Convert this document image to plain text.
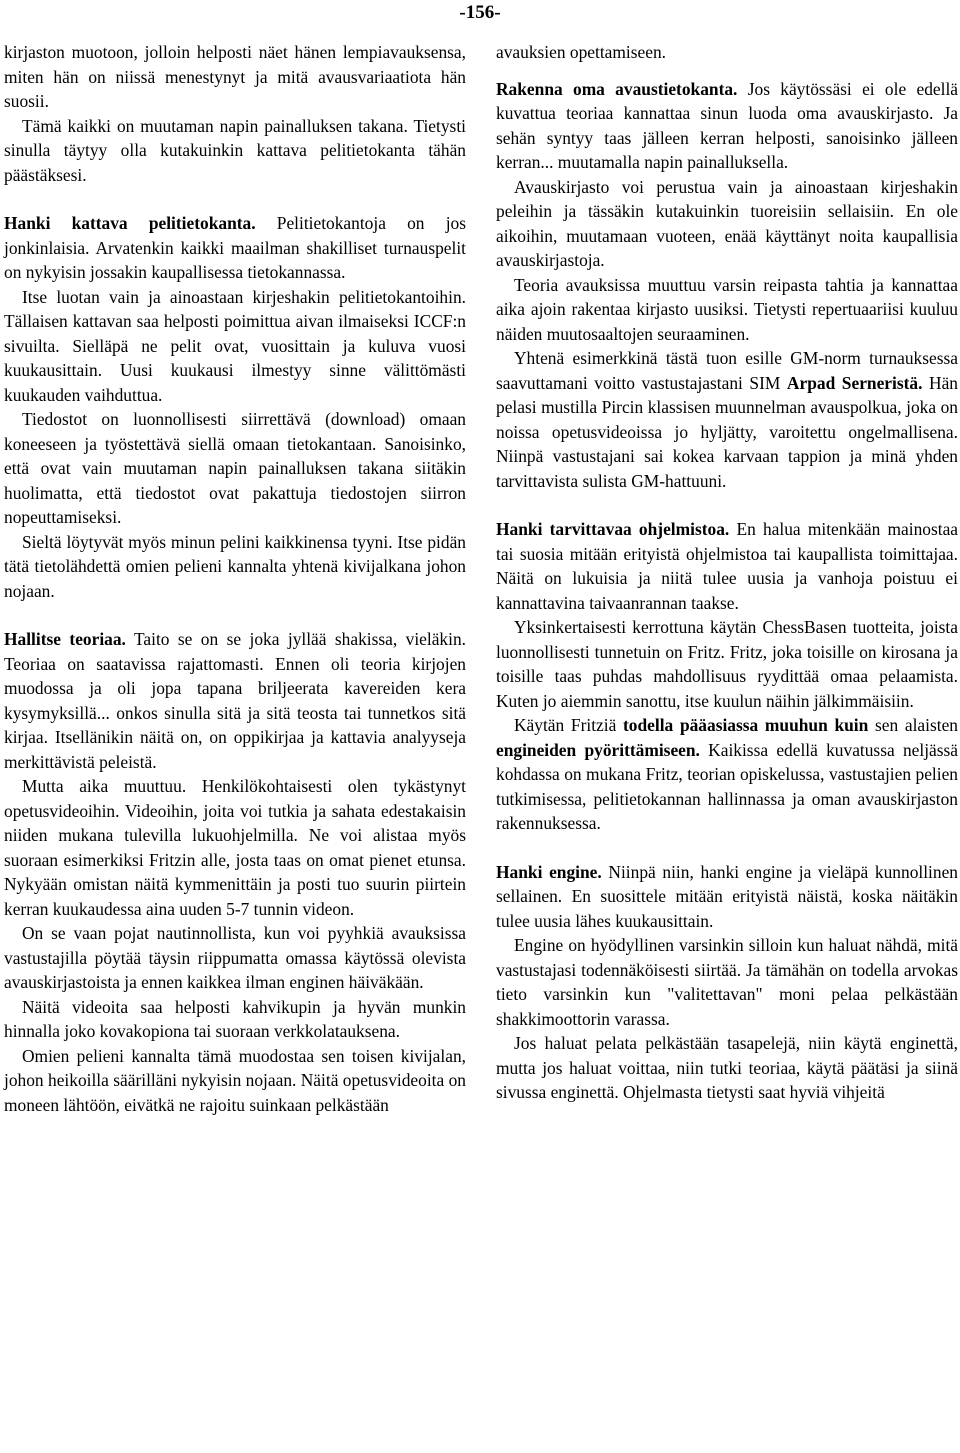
-156-

kirjaston muotoon, jolloin helposti näet hänen lempiavauksensa, miten hän on niissä menestynyt ja mitä avausvariaatiota hän suosii.

Tämä kaikki on muutaman napin painalluksen takana. Tietysti sinulla täytyy olla kutakuinkin kattava pelitietokanta tähän päästäksesi.

Hanki kattava pelitietokanta. Pelitietokantoja on jos jonkinlaisia. Arvatenkin kaikki maailman shakilliset turnauspelit on nykyisin jossakin kaupallisessa tietokannassa.

Itse luotan vain ja ainoastaan kirjeshakin pelitietokantoihin. Tällaisen kattavan saa helposti poimittua aivan ilmaiseksi ICCF:n sivuilta. Sielläpä ne pelit ovat, vuosittain ja kuluva vuosi kuukausittain. Uusi kuukausi ilmestyy sinne välittömästi kuukauden vaihduttua.

Tiedostot on luonnollisesti siirrettävä (download) omaan koneeseen ja työstettävä siellä omaan tietokantaan. Sanoisinko, että ovat vain muutaman napin painalluksen takana siitäkin huolimatta, että tiedostot ovat pakattuja tiedostojen siirron nopeuttamiseksi.

Sieltä löytyvät myös minun pelini kaikkinensa tyyni. Itse pidän tätä tietolähdettä omien pelieni kannalta yhtenä kivijalkana johon nojaan.

Hallitse teoriaa. Taito se on se joka jyllää shakissa, vieläkin. Teoriaa on saatavissa rajattomasti. Ennen oli teoria kirjojen muodossa ja oli jopa tapana briljeerata kavereiden kera kysymyksillä... onkos sinulla sitä ja sitä teosta tai tunnetkos sitä kirjaa. Itsellänikin näitä on, on oppikirjaa ja kattavia analyyseja merkittävistä peleistä.

Mutta aika muuttuu. Henkilökohtaisesti olen tykästynyt opetusvideoihin. Videoihin, joita voi tutkia ja sahata edestakaisin niiden mukana tulevilla lukuohjelmilla. Ne voi alistaa myös suoraan esimerkiksi Fritzin alle, josta taas on omat pienet etunsa. Nykyään omistan näitä kymmenittäin ja posti tuo suurin piirtein kerran kuukaudessa aina uuden 5-7 tunnin videon.

On se vaan pojat nautinnollista, kun voi pyyhkiä avauksissa vastustajilla pöytää täysin riippumatta omassa käytössä olevista avauskirjastoista ja ennen kaikkea ilman enginen häiväkään.

Näitä videoita saa helposti kahvikupin ja hyvän munkin hinnalla joko kovakopiona tai suoraan verkkolatauksena.

Omien pelieni kannalta tämä muodostaa sen toisen kivijalan, johon heikoilla säärilläni nykyisin nojaan. Näitä opetusvideoita on moneen lähtöön, eivätkä ne rajoitu suinkaan pelkästään

avauksien opettamiseen.

Rakenna oma avaustietokanta. Jos käytössäsi ei ole edellä kuvattua teoriaa kannattaa sinun luoda oma avauskirjasto. Ja sehän syntyy taas jälleen kerran helposti, sanoisinko jälleen kerran... muutamalla napin painalluksella.

Avauskirjasto voi perustua vain ja ainoastaan kirjeshakin peleihin ja tässäkin kutakuinkin tuoreisiin sellaisiin. En ole aikoihin, muutamaan vuoteen, enää käyttänyt noita kaupallisia avauskirjastoja.

Teoria avauksissa muuttuu varsin reipasta tahtia ja kannattaa aika ajoin rakentaa kirjasto uusiksi. Tietysti repertuaariisi kuuluu näiden muutosaaltojen seuraaminen.

Yhtenä esimerkkinä tästä tuon esille GM-norm turnauksessa saavuttamani voitto vastustajastani SIM Arpad Serneristä. Hän pelasi mustilla Pircin klassisen muunnelman avauspolkua, joka on noissa opetusvideoissa jo hyljätty, varoitettu ongelmallisena. Niinpä vastustajani sai kokea karvaan tappion ja minä yhden tarvittavista sulista GM-hattuuni.

Hanki tarvittavaa ohjelmistoa. En halua mitenkään mainostaa tai suosia mitään erityistä ohjelmistoa tai kaupallista toimittajaa. Näitä on lukuisia ja niitä tulee uusia ja vanhoja poistuu ei kannattavina taivaanrannan taakse.

Yksinkertaisesti kerrottuna käytän ChessBasen tuotteita, joista luonnollisesti tunnetuin on Fritz. Fritz, joka toisille on kirosana ja toisille taas puhdas mahdollisuus ryydittää omaa pelaamista. Kuten jo aiemmin sanottu, itse kuulun näihin jälkimmäisiin.

Käytän Fritziä todella pääasiassa muuhun kuin sen alaisten engineiden pyörittämiseen. Kaikissa edellä kuvatussa neljässä kohdassa on mukana Fritz, teorian opiskelussa, vastustajien pelien tutkimisessa, pelitietokannan hallinnassa ja oman avauskirjaston rakennuksessa.

Hanki engine. Niinpä niin, hanki engine ja vieläpä kunnollinen sellainen. En suosittele mitään erityistä näistä, koska näitäkin tulee uusia lähes kuukausittain.

Engine on hyödyllinen varsinkin silloin kun haluat nähdä, mitä vastustajasi todennäköisesti siirtää. Ja tämähän on todella arvokas tieto varsinkin kun "valitettavan" moni pelaa pelkästään shakkimoottorin varassa.

Jos haluat pelata pelkästään tasapelejä, niin käytä enginettä, mutta jos haluat voittaa, niin tutki teoriaa, käytä päätäsi ja siinä sivussa enginettä. Ohjelmasta tietysti saat hyviä vihjeitä
